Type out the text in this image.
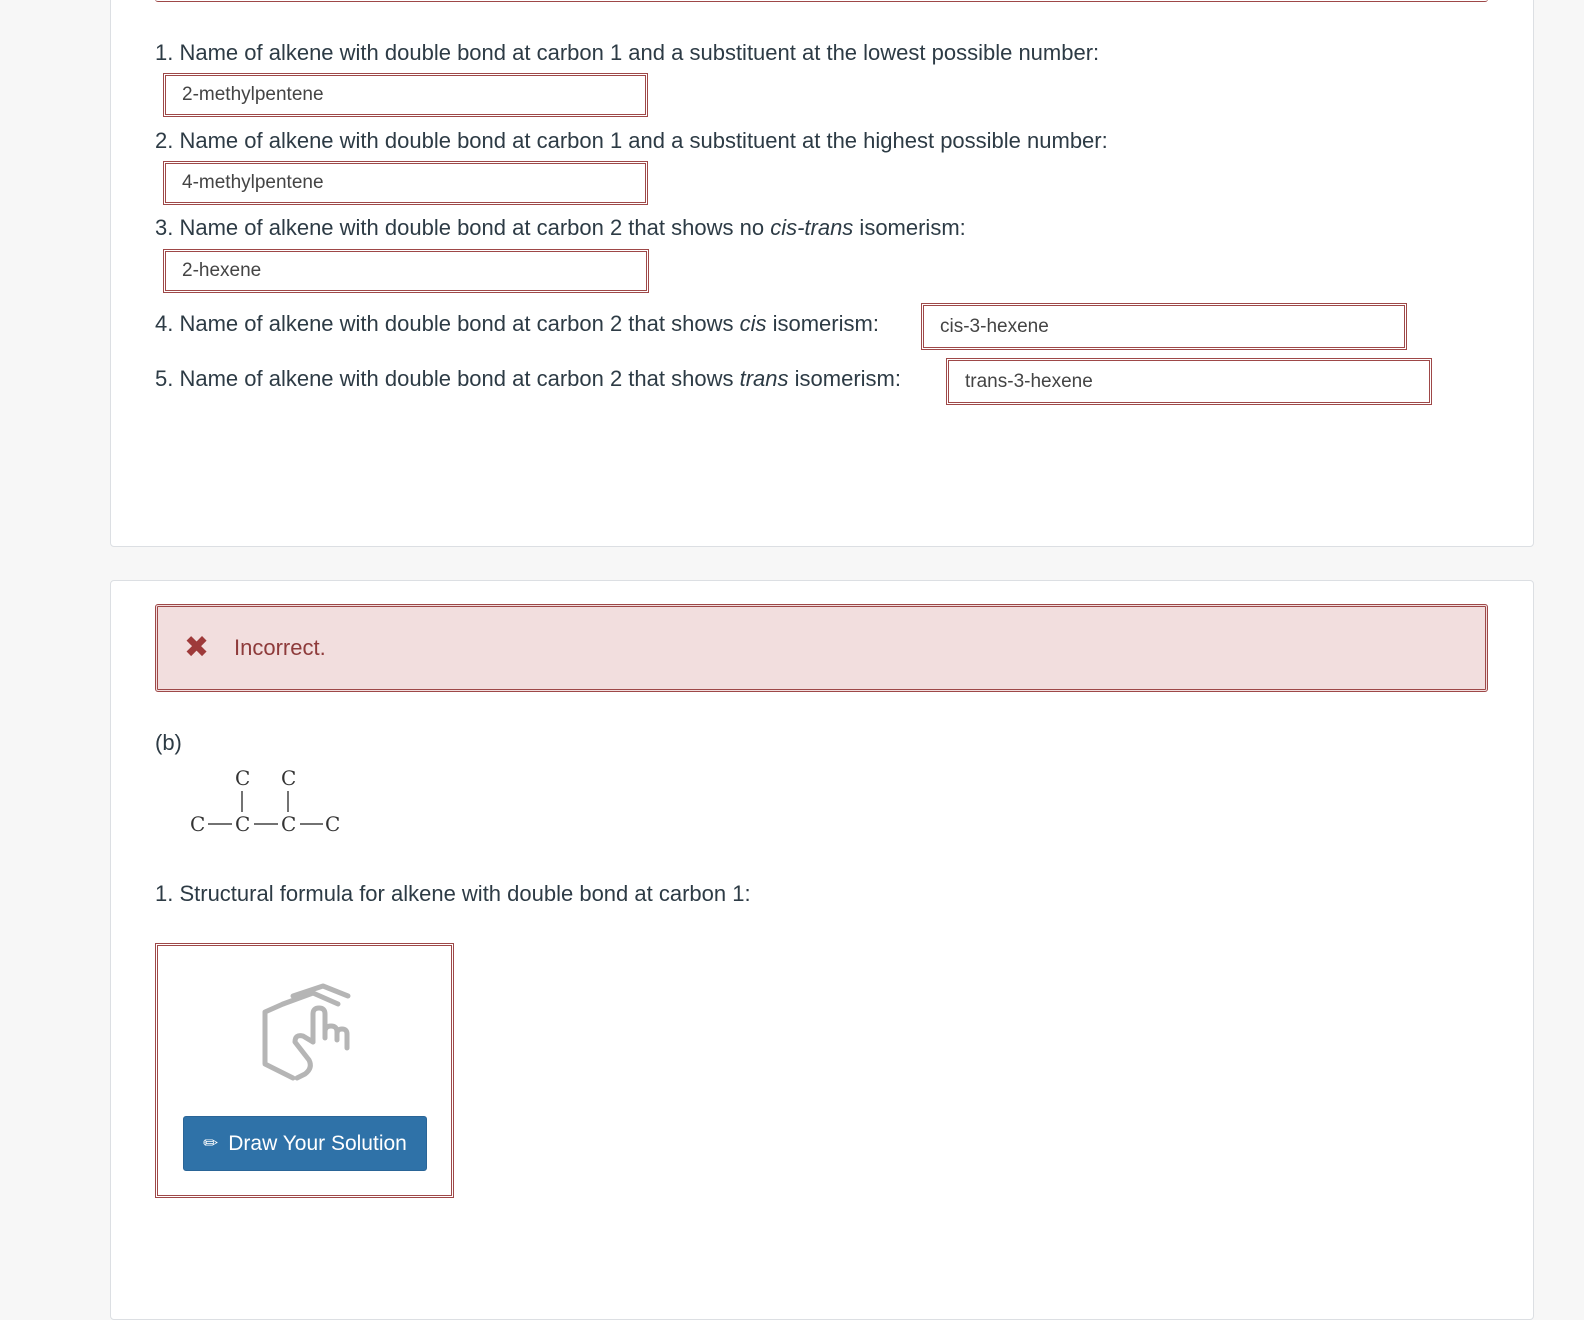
1. Name of alkene with double bond at carbon 1 and a substituent at the lowest possible number:
2-methylpentene
2. Name of alkene with double bond at carbon 1 and a substituent at the highest possible number:
4-methylpentene
3. Name of alkene with double bond at carbon 2 that shows no cis-trans isomerism:
2-hexene
4. Name of alkene with double bond at carbon 2 that shows cis isomerism:
cis-3-hexene
5. Name of alkene with double bond at carbon 2 that shows trans isomerism:
trans-3-hexene
✖ Incorrect.
(b)
C C
C C C C
1. Structural formula for alkene with double bond at carbon 1:
✏ Draw Your Solution
